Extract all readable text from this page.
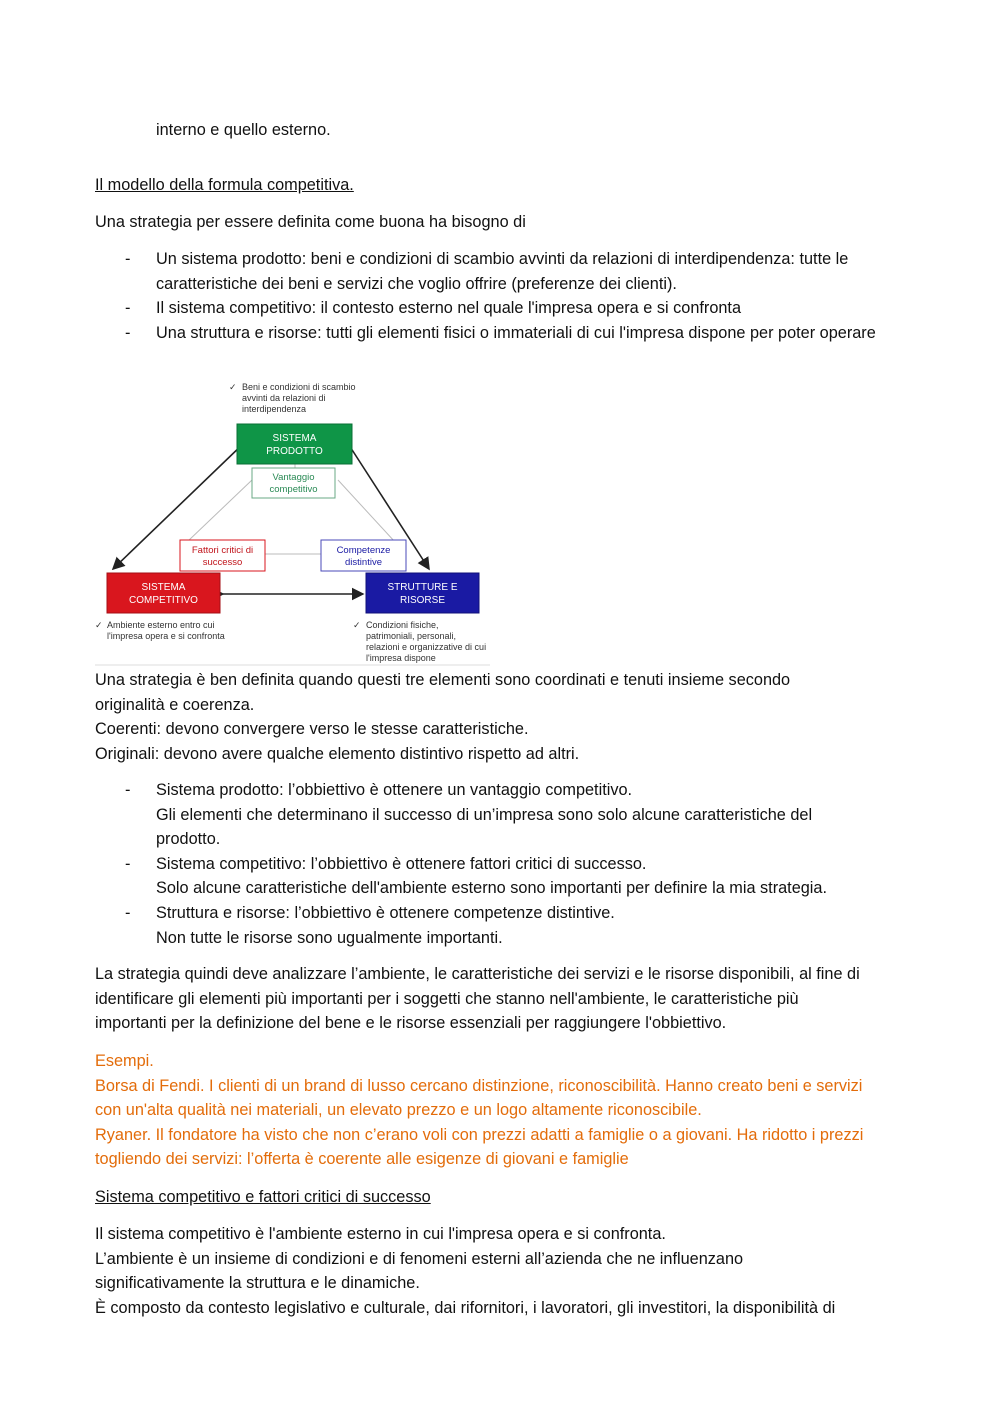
interno e quello esterno.
Il modello della formula competitiva.
Una strategia per essere definita come buona ha bisogno di
- Un sistema prodotto: beni e condizioni di scambio avvinti da relazioni di interdipendenza: tutte le caratteristiche dei beni e servizi che voglio offrire (preferenze dei clienti).
- Il sistema competitivo: il contesto esterno nel quale l'impresa opera e si confronta
- Una struttura e risorse: tutti gli elementi fisici o immateriali di cui l'impresa dispone per poter operare
✓ Beni e condizioni di scambio
avvinti da relazioni di
interdipendenza
SISTEMA
PRODOTTO
Vantaggio
competitivo
Fattori critici di
successo
Competenze
distintive
SISTEMA
COMPETITIVO
STRUTTURE E
RISORSE
✓ Ambiente esterno entro cui
l'impresa opera e si confronta
✓ Condizioni fisiche,
patrimoniali, personali,
relazioni e organizzative di cui
l'impresa dispone
Una strategia è ben definita quando questi tre elementi sono coordinati e tenuti insieme secondo
originalità e coerenza.
Coerenti: devono convergere verso le stesse caratteristiche.
Originali: devono avere qualche elemento distintivo rispetto ad altri.
- Sistema prodotto: l’obbiettivo è ottenere un vantaggio competitivo.
Gli elementi che determinano il successo di un’impresa sono solo alcune caratteristiche del
prodotto.
- Sistema competitivo: l’obbiettivo è ottenere fattori critici di successo.
Solo alcune caratteristiche dell'ambiente esterno sono importanti per definire la mia strategia.
- Struttura e risorse: l’obbiettivo è ottenere competenze distintive.
Non tutte le risorse sono ugualmente importanti.
La strategia quindi deve analizzare l’ambiente, le caratteristiche dei servizi e le risorse disponibili, al fine di
identificare gli elementi più importanti per i soggetti che stanno nell'ambiente, le caratteristiche più
importanti per la definizione del bene e le risorse essenziali per raggiungere l'obbiettivo.
Esempi.
Borsa di Fendi. I clienti di un brand di lusso cercano distinzione, riconoscibilità. Hanno creato beni e servizi
con un'alta qualità nei materiali, un elevato prezzo e un logo altamente riconoscibile.
Ryaner. Il fondatore ha visto che non c’erano voli con prezzi adatti a famiglie o a giovani. Ha ridotto i prezzi
togliendo dei servizi: l’offerta è coerente alle esigenze di giovani e famiglie
Sistema competitivo e fattori critici di successo
Il sistema competitivo è l'ambiente esterno in cui l'impresa opera e si confronta.
L’ambiente è un insieme di condizioni e di fenomeni esterni all’azienda che ne influenzano
significativamente la struttura e le dinamiche.
È composto da contesto legislativo e culturale, dai rifornitori, i lavoratori, gli investitori, la disponibilità di
